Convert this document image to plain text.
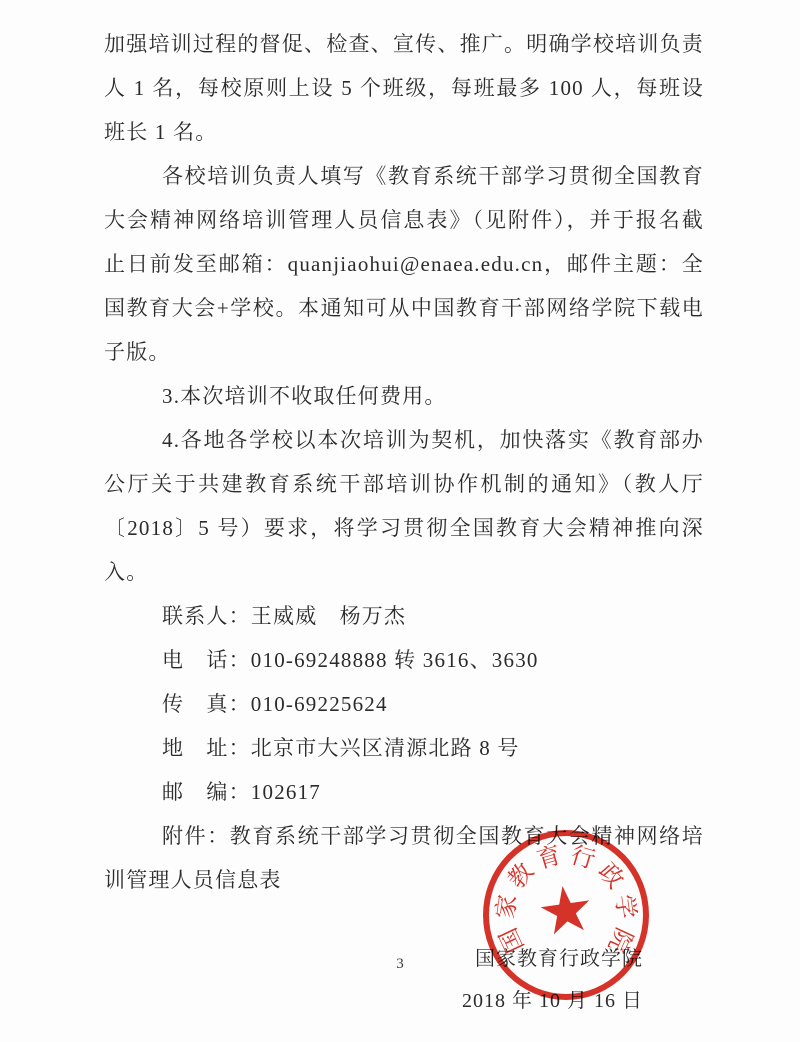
加强培训过程的督促、检查、宣传、推广。明确学校培训负责人 1 名，每校原则上设 5 个班级，每班最多 100 人，每班设班长 1 名。

各校培训负责人填写《教育系统干部学习贯彻全国教育大会精神网络培训管理人员信息表》（见附件），并于报名截止日前发至邮箱：quanjiaohui@enaea.edu.cn，邮件主题：全国教育大会+学校。本通知可从中国教育干部网络学院下载电子版。

3.本次培训不收取任何费用。

4.各地各学校以本次培训为契机，加快落实《教育部办公厅关于共建教育系统干部培训协作机制的通知》（教人厅〔2018〕5 号）要求，将学习贯彻全国教育大会精神推向深入。

联系人：王威威　杨万杰
电　话：010-69248888 转 3616、3630
传　真：010-69225624
地　址：北京市大兴区清源北路 8 号
邮　编：102617

附件：教育系统干部学习贯彻全国教育大会精神网络培训管理人员信息表

国家教育行政学院
2018 年 10 月 16 日
3
★
国
家
教
育 行
政
学
院
